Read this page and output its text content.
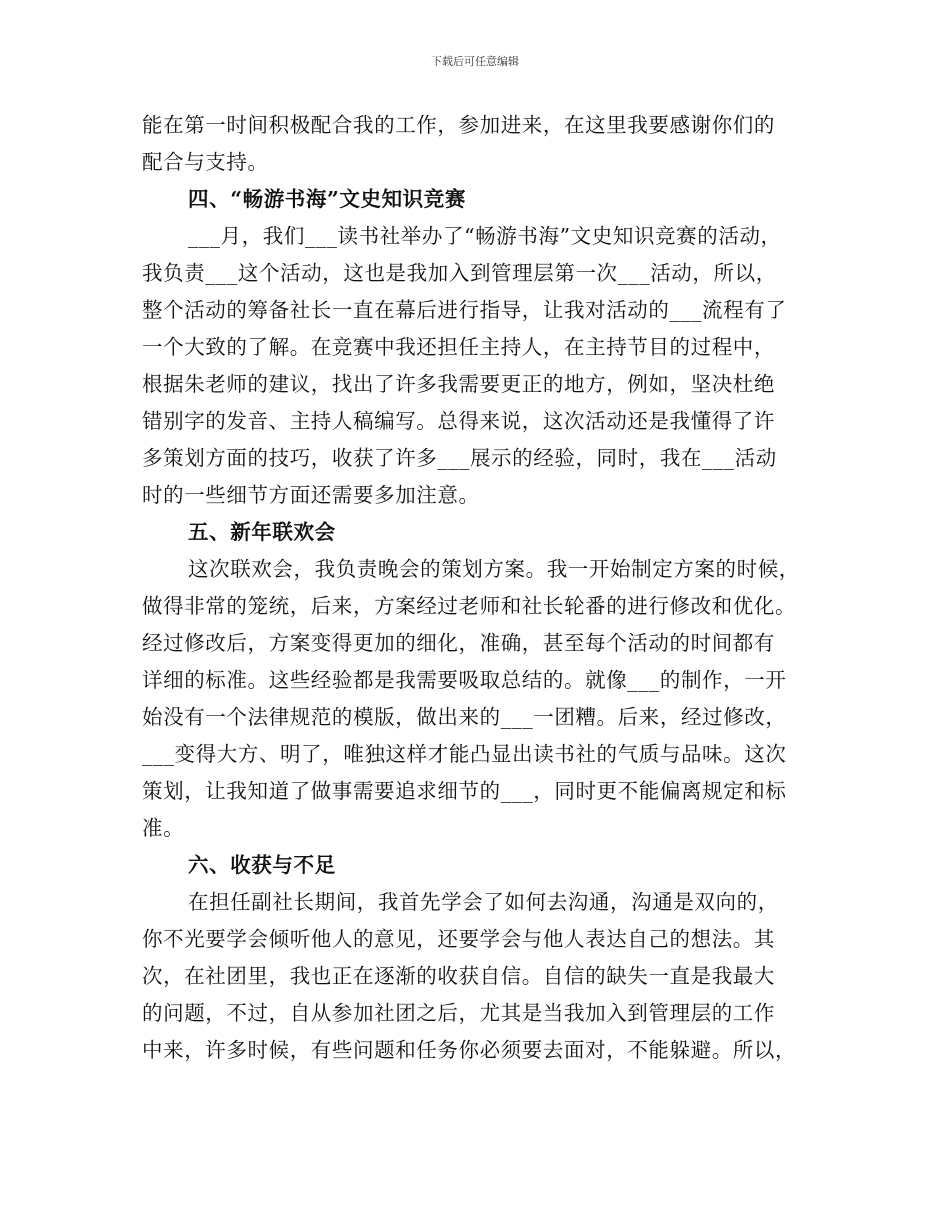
下载后可任意编辑
能在第一时间积极配合我的工作，参加进来，在这里我要感谢你们的
配合与支持。
四、“畅游书海”文史知识竞赛
___月，我们___读书社举办了“畅游书海”文史知识竞赛的活动，
我负责___这个活动，这也是我加入到管理层第一次___活动，所以，
整个活动的筹备社长一直在幕后进行指导，让我对活动的___流程有了
一个大致的了解。在竞赛中我还担任主持人，在主持节目的过程中，
根据朱老师的建议，找出了许多我需要更正的地方，例如，坚决杜绝
错别字的发音、主持人稿编写。总得来说，这次活动还是我懂得了许
多策划方面的技巧，收获了许多___展示的经验，同时，我在___活动
时的一些细节方面还需要多加注意。
五、新年联欢会
这次联欢会，我负责晚会的策划方案。我一开始制定方案的时候，
做得非常的笼统，后来，方案经过老师和社长轮番的进行修改和优化。
经过修改后，方案变得更加的细化，准确，甚至每个活动的时间都有
详细的标准。这些经验都是我需要吸取总结的。就像___的制作，一开
始没有一个法律规范的模版，做出来的___一团糟。后来，经过修改，
___变得大方、明了，唯独这样才能凸显出读书社的气质与品味。这次
策划，让我知道了做事需要追求细节的___，同时更不能偏离规定和标
准。
六、收获与不足
在担任副社长期间，我首先学会了如何去沟通，沟通是双向的，
你不光要学会倾听他人的意见，还要学会与他人表达自己的想法。其
次，在社团里，我也正在逐渐的收获自信。自信的缺失一直是我最大
的问题，不过，自从参加社团之后，尤其是当我加入到管理层的工作
中来，许多时候，有些问题和任务你必须要去面对，不能躲避。所以，
